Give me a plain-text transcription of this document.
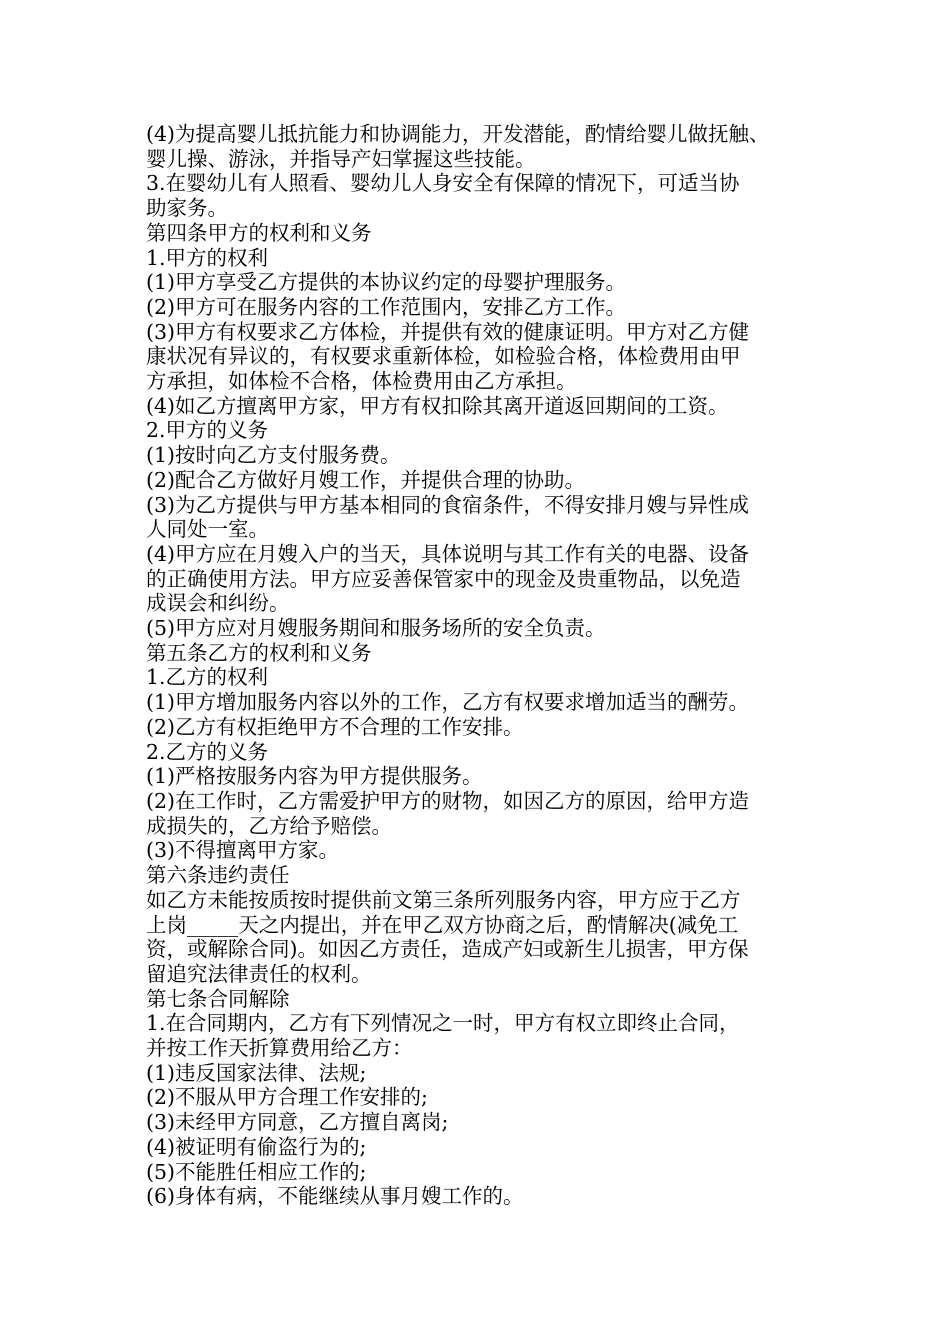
(4)为提高婴儿抵抗能力和协调能力，开发潜能，酌情给婴儿做抚触、
婴儿操、游泳，并指导产妇掌握这些技能。
3.在婴幼儿有人照看、婴幼儿人身安全有保障的情况下，可适当协
助家务。
第四条甲方的权利和义务
1.甲方的权利
(1)甲方享受乙方提供的本协议约定的母婴护理服务。
(2)甲方可在服务内容的工作范围内，安排乙方工作。
(3)甲方有权要求乙方体检，并提供有效的健康证明。甲方对乙方健
康状况有异议的，有权要求重新体检，如检验合格，体检费用由甲
方承担，如体检不合格，体检费用由乙方承担。
(4)如乙方擅离甲方家，甲方有权扣除其离开道返回期间的工资。
2.甲方的义务
(1)按时向乙方支付服务费。
(2)配合乙方做好月嫂工作，并提供合理的协助。
(3)为乙方提供与甲方基本相同的食宿条件，不得安排月嫂与异性成
人同处一室。
(4)甲方应在月嫂入户的当天，具体说明与其工作有关的电器、设备
的正确使用方法。甲方应妥善保管家中的现金及贵重物品，以免造
成误会和纠纷。
(5)甲方应对月嫂服务期间和服务场所的安全负责。
第五条乙方的权利和义务
1.乙方的权利
(1)甲方增加服务内容以外的工作，乙方有权要求增加适当的酬劳。
(2)乙方有权拒绝甲方不合理的工作安排。
2.乙方的义务
(1)严格按服务内容为甲方提供服务。
(2)在工作时，乙方需爱护甲方的财物，如因乙方的原因，给甲方造
成损失的，乙方给予赔偿。
(3)不得擅离甲方家。
第六条违约责任
如乙方未能按质按时提供前文第三条所列服务内容，甲方应于乙方
上岗_____天之内提出，并在甲乙双方协商之后，酌情解决(减免工
资，或解除合同)。如因乙方责任，造成产妇或新生儿损害，甲方保
留追究法律责任的权利。
第七条合同解除
1.在合同期内，乙方有下列情况之一时，甲方有权立即终止合同，
并按工作天折算费用给乙方：
(1)违反国家法律、法规;
(2)不服从甲方合理工作安排的;
(3)未经甲方同意，乙方擅自离岗;
(4)被证明有偷盗行为的;
(5)不能胜任相应工作的;
(6)身体有病，不能继续从事月嫂工作的。
